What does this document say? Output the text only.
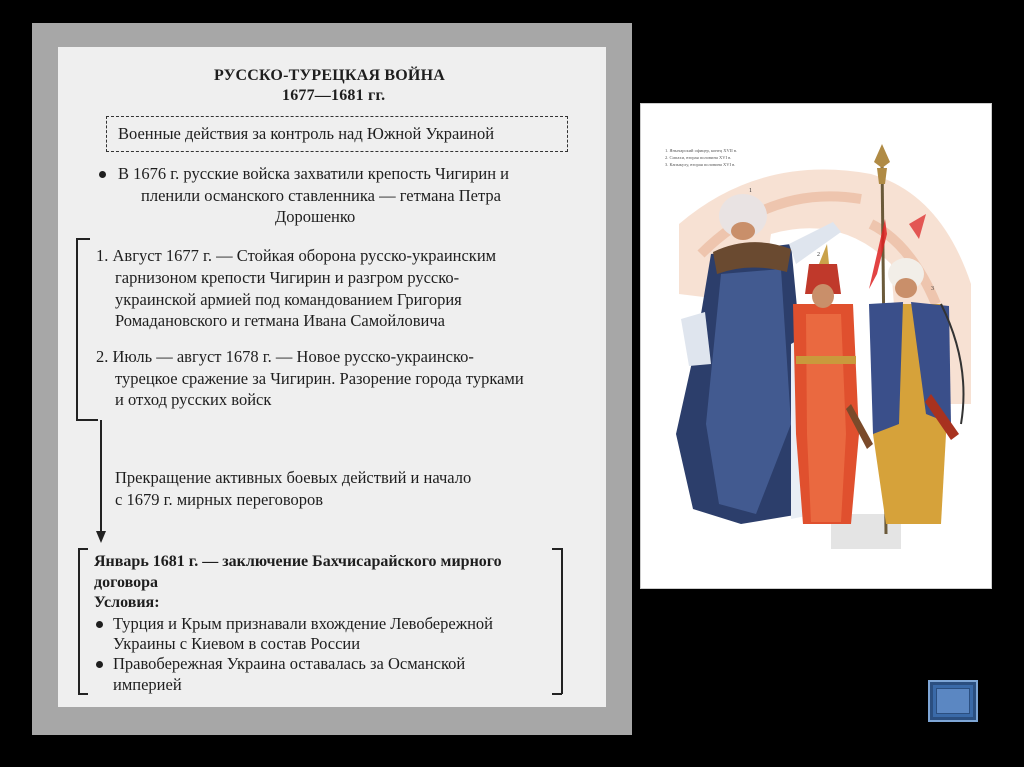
РУССКО-ТУРЕЦКАЯ ВОЙНА
1677—1681 гг.
Военные действия за контроль над Южной Украиной
В 1676 г. русские войска захватили крепость Чигирин и
пленили османского ставленника — гетмана Петра
Дорошенко
1. Август 1677 г. — Стойкая оборона русско-украинским
гарнизоном крепости Чигирин и разгром русско-
украинской армией под командованием Григория
Ромадановского и гетмана Ивана Самойловича
2. Июль — август 1678 г. — Новое русско-украинско-
турецкое сражение за Чигирин. Разорение города турками
и отход русских войск
Прекращение активных боевых действий и начало
с 1679 г. мирных переговоров
Январь 1681 г. — заключение Бахчисарайского мирного
договора
Условия:
Турция и Крым признавали вхождение Левобережной
Украины с Киевом в состав России
Правобережная Украина оставалась за Османской
империей
1. Янычарский офицер, конец XVII в.
2. Сипахи, вторая половина XVI в.
3. Капыкулу, вторая половина XVI в.
1
2
3
